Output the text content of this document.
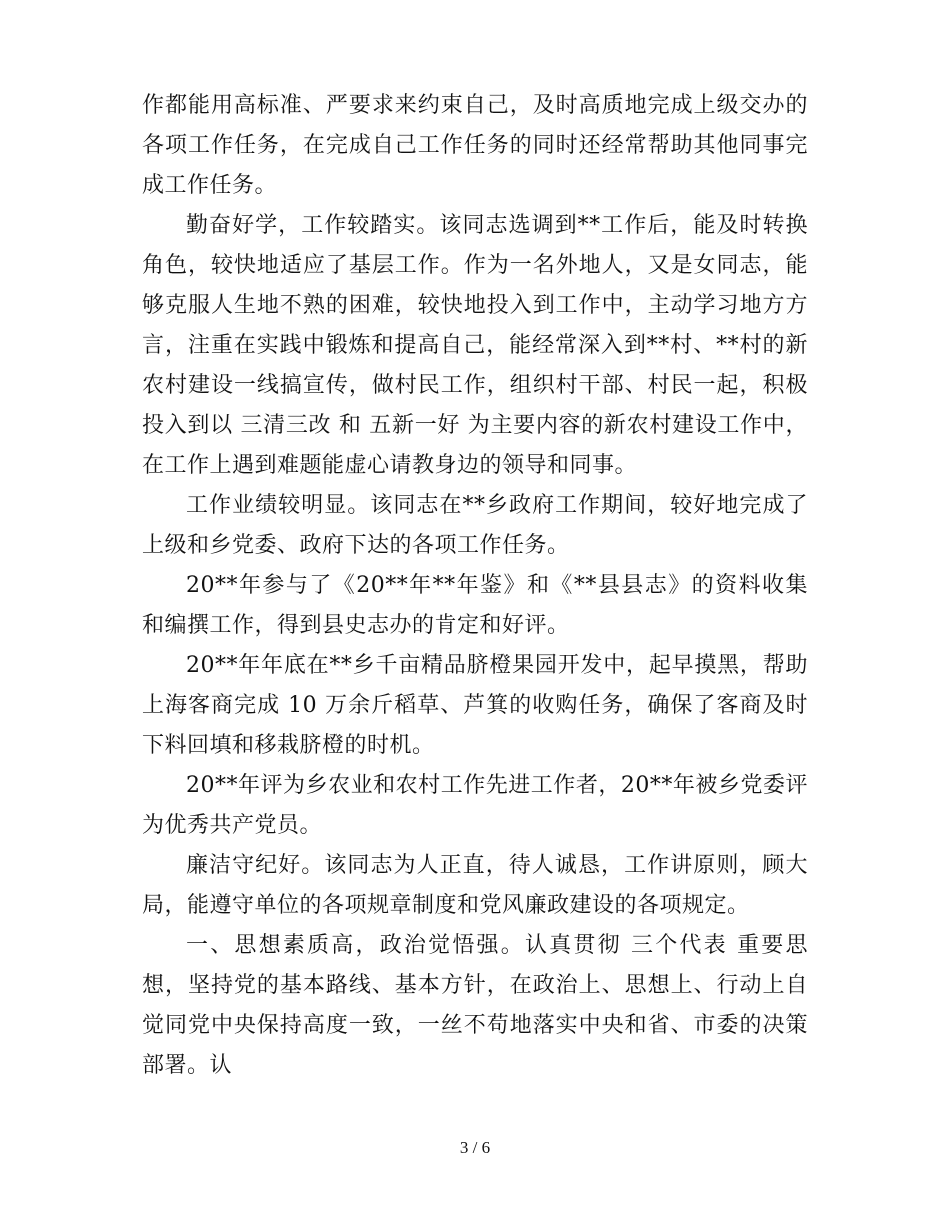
作都能用高标准、严要求来约束自己，及时高质地完成上级交办的各项工作任务，在完成自己工作任务的同时还经常帮助其他同事完成工作任务。

勤奋好学，工作较踏实。该同志选调到**工作后，能及时转换角色，较快地适应了基层工作。作为一名外地人，又是女同志，能够克服人生地不熟的困难，较快地投入到工作中，主动学习地方方言，注重在实践中锻炼和提高自己，能经常深入到**村、**村的新农村建设一线搞宣传，做村民工作，组织村干部、村民一起，积极投入到以 三清三改 和 五新一好 为主要内容的新农村建设工作中，在工作上遇到难题能虚心请教身边的领导和同事。

工作业绩较明显。该同志在**乡政府工作期间，较好地完成了上级和乡党委、政府下达的各项工作任务。

20**年参与了《20**年**年鉴》和《**县县志》的资料收集和编撰工作，得到县史志办的肯定和好评。

20**年年底在**乡千亩精品脐橙果园开发中，起早摸黑，帮助上海客商完成 10 万余斤稻草、芦箕的收购任务，确保了客商及时下料回填和移栽脐橙的时机。

20**年评为乡农业和农村工作先进工作者，20**年被乡党委评为优秀共产党员。

廉洁守纪好。该同志为人正直，待人诚恳，工作讲原则，顾大局，能遵守单位的各项规章制度和党风廉政建设的各项规定。

一、思想素质高，政治觉悟强。认真贯彻 三个代表 重要思想，坚持党的基本路线、基本方针，在政治上、思想上、行动上自觉同党中央保持高度一致，一丝不苟地落实中央和省、市委的决策部署。认

3 / 6
